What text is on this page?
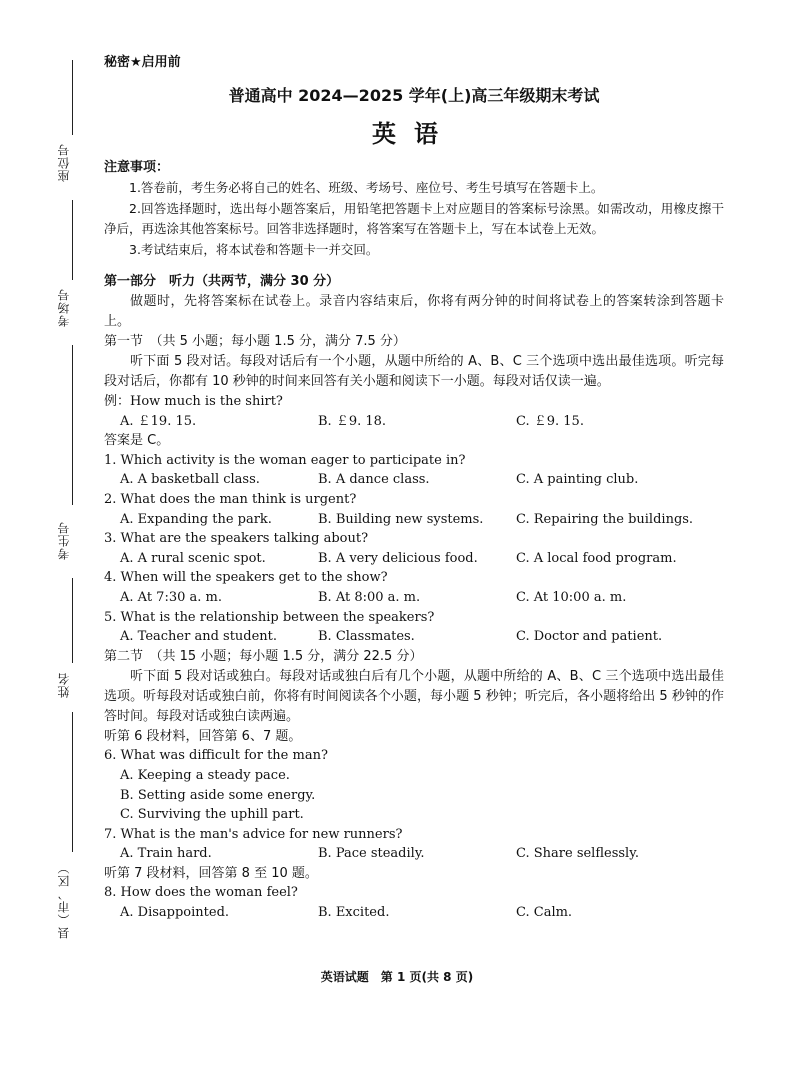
座位号
考场号
考生号
姓名
县（市、区）
秘密★启用前
普通高中 2024—2025 学年(上)高三年级期末考试
英语
注意事项：
1.答卷前，考生务必将自己的姓名、班级、考场号、座位号、考生号填写在答题卡上。
2.回答选择题时，选出每小题答案后，用铅笔把答题卡上对应题目的答案标号涂黑。如需改动，用橡皮擦干净后，再选涂其他答案标号。回答非选择题时，将答案写在答题卡上，写在本试卷上无效。
3.考试结束后，将本试卷和答题卡一并交回。
第一部分　听力（共两节，满分 30 分）
做题时，先将答案标在试卷上。录音内容结束后，你将有两分钟的时间将试卷上的答案转涂到答题卡上。
第一节　（共 5 小题；每小题 1.5 分，满分 7.5 分）
听下面 5 段对话。每段对话后有一个小题，从题中所给的 A、B、C 三个选项中选出最佳选项。听完每段对话后，你都有 10 秒钟的时间来回答有关小题和阅读下一小题。每段对话仅读一遍。
例：How much is the shirt?
A. ￡19. 15.	B. ￡9. 18.	C. ￡9. 15.
答案是 C。
1. Which activity is the woman eager to participate in?
A. A basketball class.	B. A dance class.	C. A painting club.
2. What does the man think is urgent?
A. Expanding the park.	B. Building new systems.	C. Repairing the buildings.
3. What are the speakers talking about?
A. A rural scenic spot.	B. A very delicious food.	C. A local food program.
4. When will the speakers get to the show?
A. At 7:30 a. m.	B. At 8:00 a. m.	C. At 10:00 a. m.
5. What is the relationship between the speakers?
A. Teacher and student.	B. Classmates.	C. Doctor and patient.
第二节　（共 15 小题；每小题 1.5 分，满分 22.5 分）
听下面 5 段对话或独白。每段对话或独白后有几个小题，从题中所给的 A、B、C 三个选项中选出最佳选项。听每段对话或独白前，你将有时间阅读各个小题，每小题 5 秒钟；听完后，各小题将给出 5 秒钟的作答时间。每段对话或独白读两遍。
听第 6 段材料，回答第 6、7 题。
6. What was difficult for the man?
A. Keeping a steady pace.
B. Setting aside some energy.
C. Surviving the uphill part.
7. What is the man's advice for new runners?
A. Train hard.	B. Pace steadily.	C. Share selflessly.
听第 7 段材料，回答第 8 至 10 题。
8. How does the woman feel?
A. Disappointed.	B. Excited.	C. Calm.
英语试题　第 1 页(共 8 页)
